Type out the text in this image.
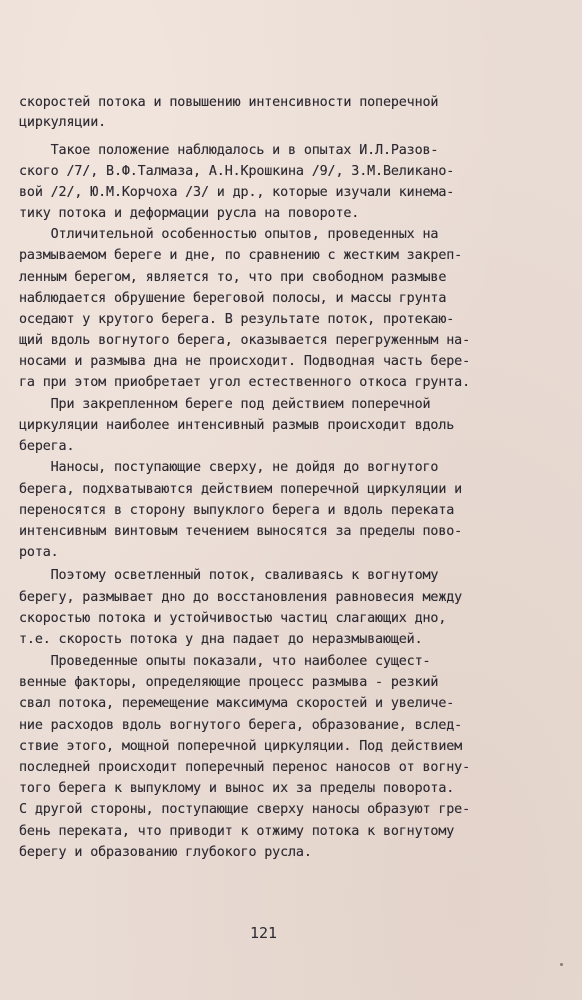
скоростей потока и повышению интенсивности поперечной
циркуляции.
Такое положение наблюдалось и в опытах И.Л.Разов-
ского /7/, В.Ф.Талмаза, А.Н.Крошкина /9/, З.М.Великано-
вой /2/, Ю.М.Корчоха /3/ и др., которые изучали кинема-
тику потока и деформации русла на повороте.
Отличительной особенностью опытов, проведенных на
размываемом береге и дне, по сравнению с жестким закреп-
ленным берегом, является то, что при свободном размыве
наблюдается обрушение береговой полосы, и массы грунта
оседают у крутого берега. В результате поток, протекаю-
щий вдоль вогнутого берега, оказывается перегруженным на-
носами и размыва дна не происходит. Подводная часть бере-
га при этом приобретает угол естественного откоса грунта.
При закрепленном береге под действием поперечной
циркуляции наиболее интенсивный размыв происходит вдоль
берега.
Наносы, поступающие сверху, не дойдя до вогнутого
берега, подхватываются действием поперечной циркуляции и
переносятся в сторону выпуклого берега и вдоль переката
интенсивным винтовым течением выносятся за пределы пово-
рота.
Поэтому осветленный поток, сваливаясь к вогнутому
берегу, размывает дно до восстановления равновесия между
скоростью потока и устойчивостью частиц слагающих дно,
т.е. скорость потока у дна падает до неразмывающей.
Проведенные опыты показали, что наиболее сущест-
венные факторы, определяющие процесс размыва - резкий
свал потока, перемещение максимума скоростей и увеличе-
ние расходов вдоль вогнутого берега, образование, вслед-
ствие этого, мощной поперечной циркуляции. Под действием
последней происходит поперечный перенос наносов от вогну-
того берега к выпуклому и вынос их за пределы поворота.
С другой стороны, поступающие сверху наносы образуют гре-
бень переката, что приводит к отжиму потока к вогнутому
берегу и образованию глубокого русла.
121
